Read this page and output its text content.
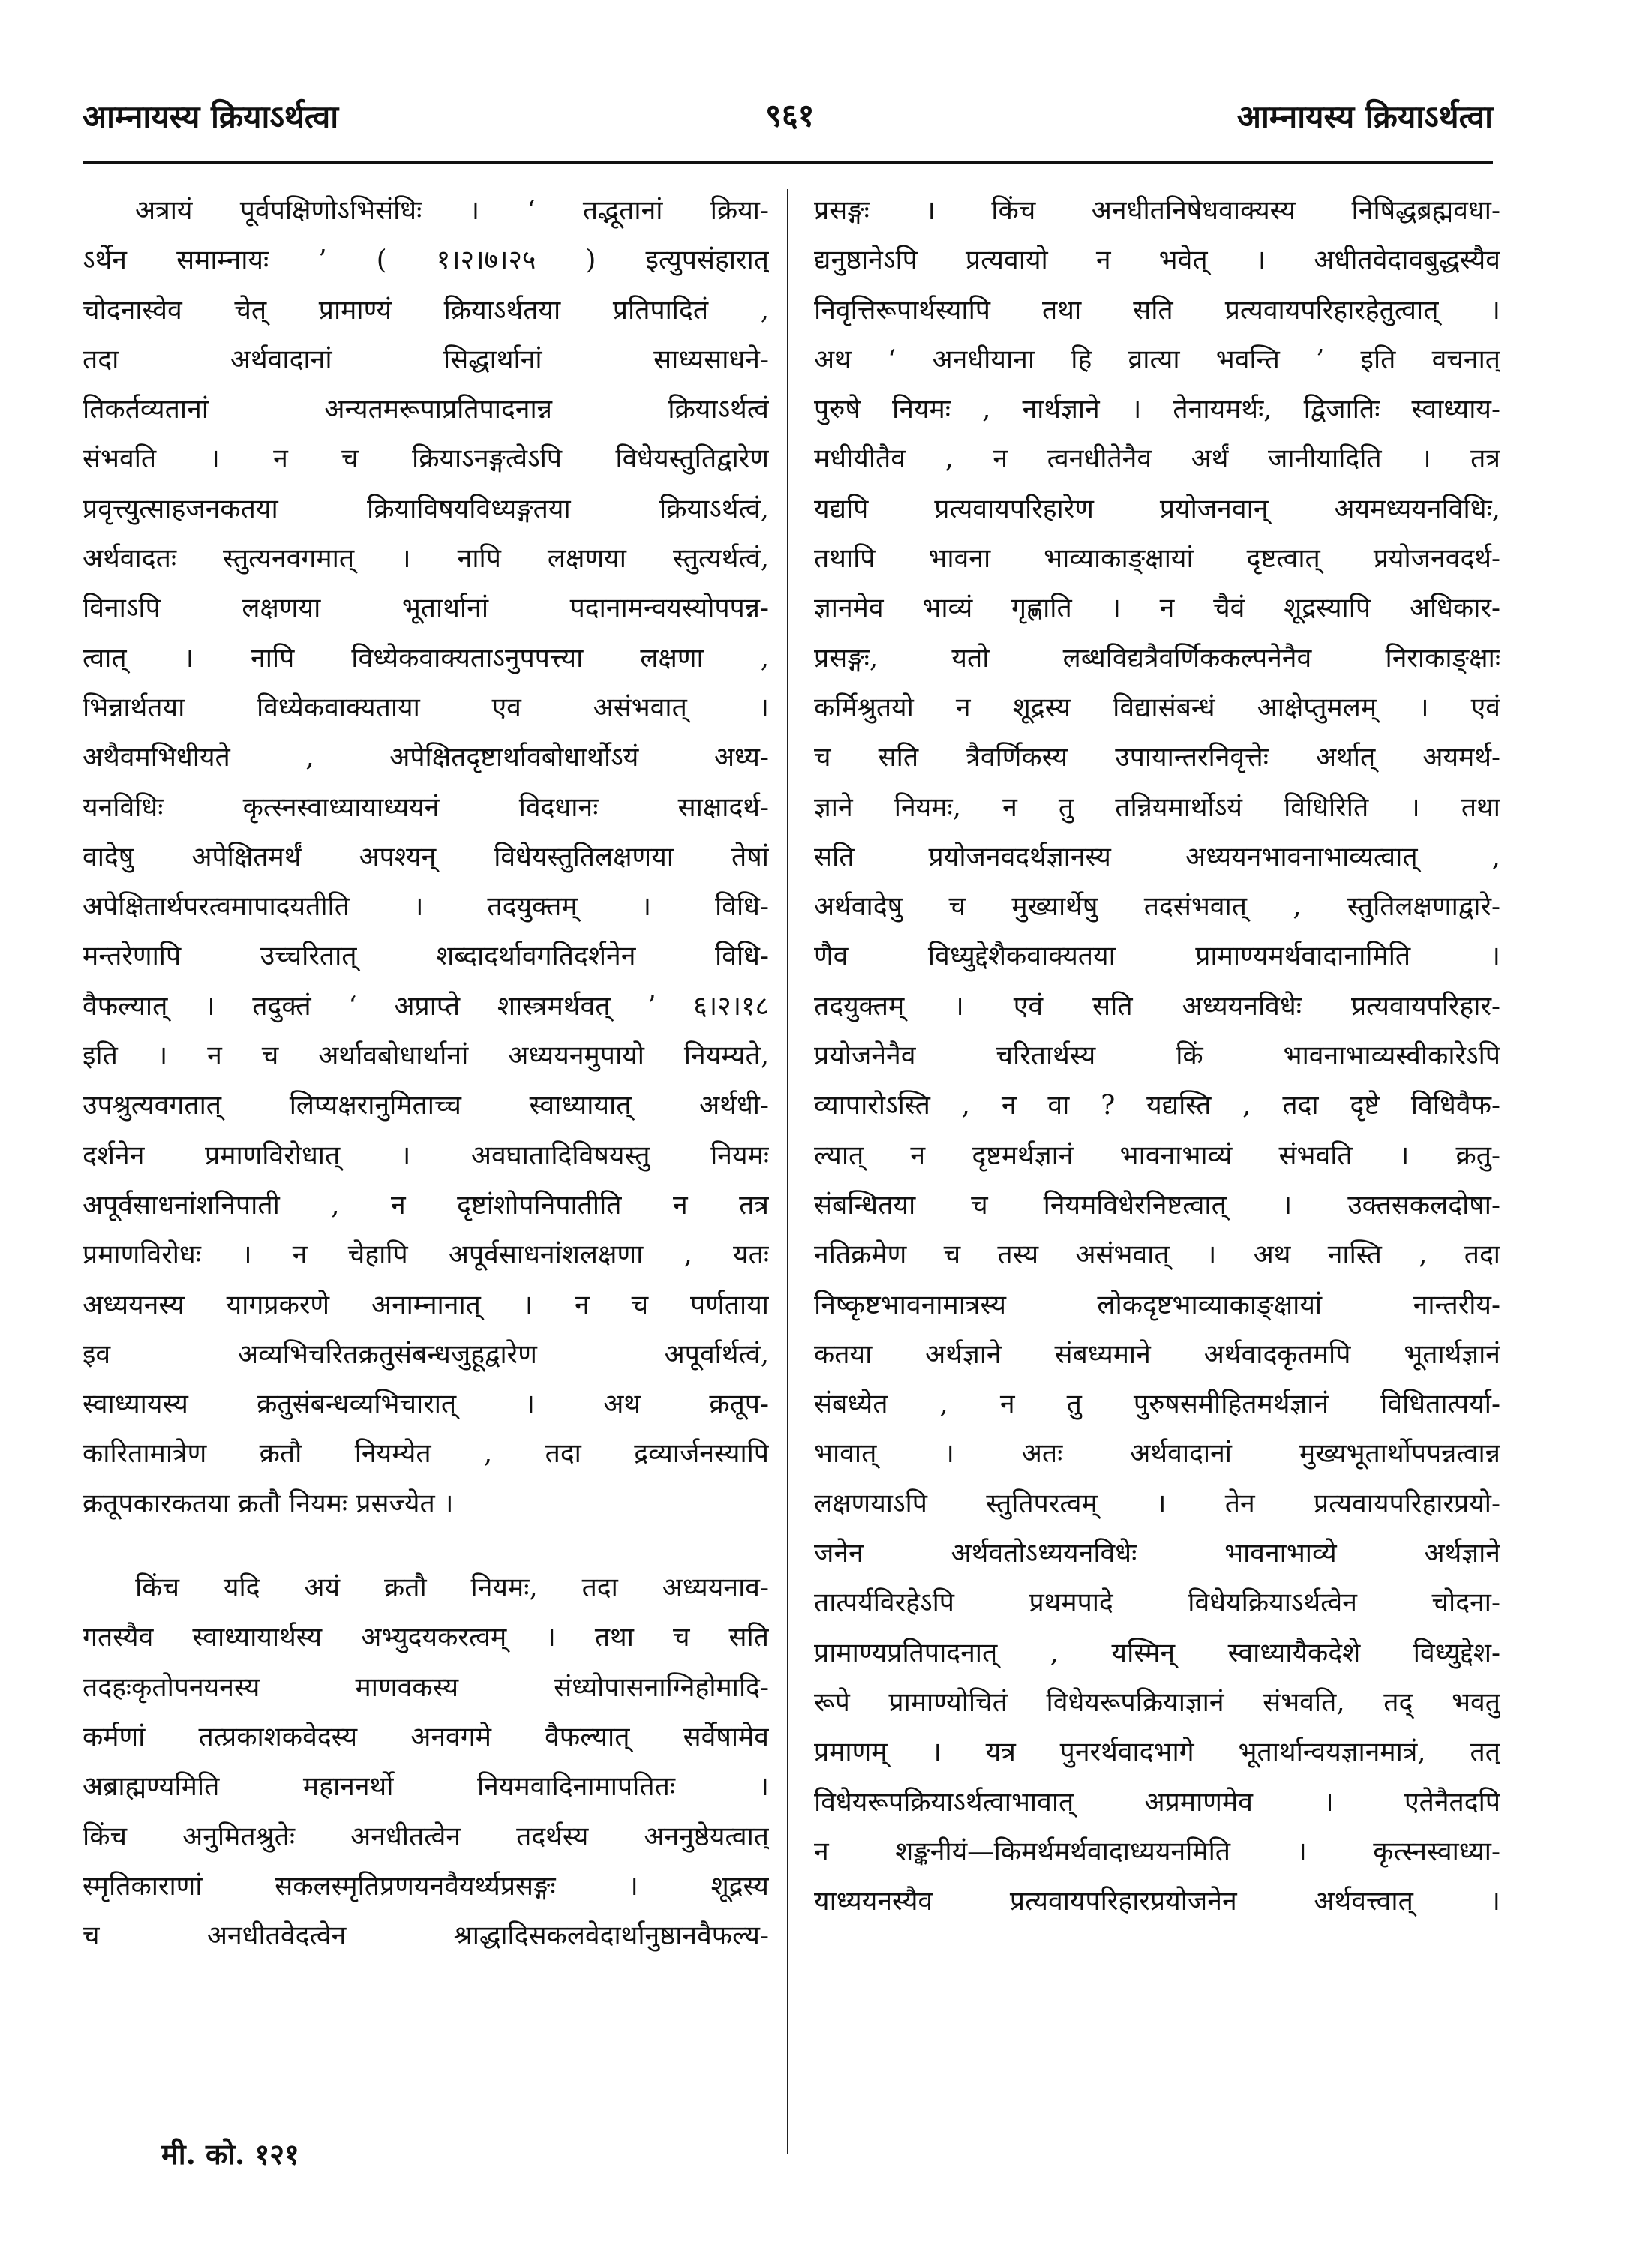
आम्नायस्य क्रियाऽर्थत्वा	९६१	आम्नायस्य क्रियाऽर्थत्वा
अत्रायं पूर्वपक्षिणोऽभिसंधिः । ‘ तद्भूतानां क्रिया-
ऽर्थेन समाम्नायः ’ ( १।२।७।२५ ) इत्युपसंहारात्
चोदनास्वेव चेत् प्रामाण्यं क्रियाऽर्थतया प्रतिपादितं ,
तदा अर्थवादानां सिद्धार्थानां साध्यसाधने-
तिकर्तव्यतानां अन्यतमरूपाप्रतिपादनान्न क्रियाऽर्थत्वं
संभवति । न च क्रियाऽनङ्गत्वेऽपि विधेयस्तुतिद्वारेण
प्रवृत्त्युत्साहजनकतया क्रियाविषयविध्यङ्गतया क्रियाऽर्थत्वं,
अर्थवादतः स्तुत्यनवगमात् । नापि लक्षणया स्तुत्यर्थत्वं,
विनाऽपि लक्षणया भूतार्थानां पदानामन्वयस्योपपन्न-
त्वात् । नापि विध्येकवाक्यताऽनुपपत्त्या लक्षणा ,
भिन्नार्थतया विध्येकवाक्यताया एव असंभवात् ।
अथैवमभिधीयते , अपेक्षितदृष्टार्थावबोधार्थोऽयं अध्य-
यनविधिः कृत्स्नस्वाध्यायाध्ययनं विदधानः साक्षादर्थ-
वादेषु अपेक्षितमर्थं अपश्यन् विधेयस्तुतिलक्षणया तेषां
अपेक्षितार्थपरत्वमापादयतीति । तदयुक्तम् । विधि-
मन्तरेणापि उच्चरितात् शब्दादर्थावगतिदर्शनेन विधि-
वैफल्यात् । तदुक्तं ‘ अप्राप्ते शास्त्रमर्थवत् ’ ६।२।१८
इति । न च अर्थावबोधार्थानां अध्ययनमुपायो नियम्यते,
उपश्रुत्यवगतात् लिप्यक्षरानुमिताच्च स्वाध्यायात् अर्थधी-
दर्शनेन प्रमाणविरोधात् । अवघातादिविषयस्तु नियमः
अपूर्वसाधनांशनिपाती , न दृष्टांशोपनिपातीति न तत्र
प्रमाणविरोधः । न चेहापि अपूर्वसाधनांशलक्षणा , यतः
अध्ययनस्य यागप्रकरणे अनाम्नानात् । न च पर्णताया
इव अव्यभिचरितक्रतुसंबन्धजुहूद्वारेण अपूर्वार्थत्वं,
स्वाध्यायस्य क्रतुसंबन्धव्यभिचारात् । अथ क्रतूप-
कारितामात्रेण क्रतौ नियम्येत , तदा द्रव्यार्जनस्यापि
क्रतूपकारकतया क्रतौ नियमः प्रसज्येत ।
किंच यदि अयं क्रतौ नियमः, तदा अध्ययनाव-
गतस्यैव स्वाध्यायार्थस्य अभ्युदयकरत्वम् । तथा च सति
तदहःकृतोपनयनस्य माणवकस्य संध्योपासनाग्निहोमादि-
कर्मणां तत्प्रकाशकवेदस्य अनवगमे वैफल्यात् सर्वेषामेव
अब्राह्मण्यमिति महाननर्थो नियमवादिनामापतितः ।
किंच अनुमितश्रुतेः अनधीतत्वेन तदर्थस्य अननुष्ठेयत्वात्
स्मृतिकाराणां सकलस्मृतिप्रणयनवैयर्थ्यप्रसङ्गः । शूद्रस्य
च अनधीतवेदत्वेन श्राद्धादिसकलवेदार्थानुष्ठानवैफल्य-
प्रसङ्गः । किंच अनधीतनिषेधवाक्यस्य निषिद्धब्रह्मवधा-
द्यनुष्ठानेऽपि प्रत्यवायो न भवेत् । अधीतवेदावबुद्धस्यैव
निवृत्तिरूपार्थस्यापि तथा सति प्रत्यवायपरिहारहेतुत्वात् ।
अथ ‘ अनधीयाना हि व्रात्या भवन्ति ’ इति वचनात्
पुरुषे नियमः , नार्थज्ञाने । तेनायमर्थः, द्विजातिः स्वाध्याय-
मधीयीतैव , न त्वनधीतेनैव अर्थं जानीयादिति । तत्र
यद्यपि प्रत्यवायपरिहारेण प्रयोजनवान् अयमध्ययनविधिः,
तथापि भावना भाव्याकाङ्क्षायां दृष्टत्वात् प्रयोजनवदर्थ-
ज्ञानमेव भाव्यं गृह्णाति । न चैवं शूद्रस्यापि अधिकार-
प्रसङ्गः, यतो लब्धविद्यत्रैवर्णिककल्पनेनैव निराकाङ्क्षाः
कर्मिश्रुतयो न शूद्रस्य विद्यासंबन्धं आक्षेप्तुमलम् । एवं
च सति त्रैवर्णिकस्य उपायान्तरनिवृत्तेः अर्थात् अयमर्थ-
ज्ञाने नियमः, न तु तन्नियमार्थोऽयं विधिरिति । तथा
सति प्रयोजनवदर्थज्ञानस्य अध्ययनभावनाभाव्यत्वात् ,
अर्थवादेषु च मुख्यार्थेषु तदसंभवात् , स्तुतिलक्षणाद्वारे-
णैव विध्युद्देशैकवाक्यतया प्रामाण्यमर्थवादानामिति ।
तदयुक्तम् । एवं सति अध्ययनविधेः प्रत्यवायपरिहार-
प्रयोजनेनैव चरितार्थस्य किं भावनाभाव्यस्वीकारेऽपि
व्यापारोऽस्ति , न वा ? यद्यस्ति , तदा दृष्टे विधिवैफ-
ल्यात् न दृष्टमर्थज्ञानं भावनाभाव्यं संभवति । क्रतु-
संबन्धितया च नियमविधेरनिष्टत्वात् । उक्तसकलदोषा-
नतिक्रमेण च तस्य असंभवात् । अथ नास्ति , तदा
निष्कृष्टभावनामात्रस्य लोकदृष्टभाव्याकाङ्क्षायां नान्तरीय-
कतया अर्थज्ञाने संबध्यमाने अर्थवादकृतमपि भूतार्थज्ञानं
संबध्येत , न तु पुरुषसमीहितमर्थज्ञानं विधितात्पर्या-
भावात् । अतः अर्थवादानां मुख्यभूतार्थोपपन्नत्वान्न
लक्षणयाऽपि स्तुतिपरत्वम् । तेन प्रत्यवायपरिहारप्रयो-
जनेन अर्थवतोऽध्ययनविधेः भावनाभाव्ये अर्थज्ञाने
तात्पर्यविरहेऽपि प्रथमपादे विधेयक्रियाऽर्थत्वेन चोदना-
प्रामाण्यप्रतिपादनात् , यस्मिन् स्वाध्यायैकदेशे विध्युद्देश-
रूपे प्रामाण्योचितं विधेयरूपक्रियाज्ञानं संभवति, तद् भवतु
प्रमाणम् । यत्र पुनरर्थवादभागे भूतार्थान्वयज्ञानमात्रं, तत्
विधेयरूपक्रियाऽर्थत्वाभावात् अप्रमाणमेव । एतेनैतदपि
न शङ्कनीयं—किमर्थमर्थवादाध्ययनमिति । कृत्स्नस्वाध्या-
याध्ययनस्यैव प्रत्यवायपरिहारप्रयोजनेन अर्थवत्त्वात् ।
मी. को. १२१
